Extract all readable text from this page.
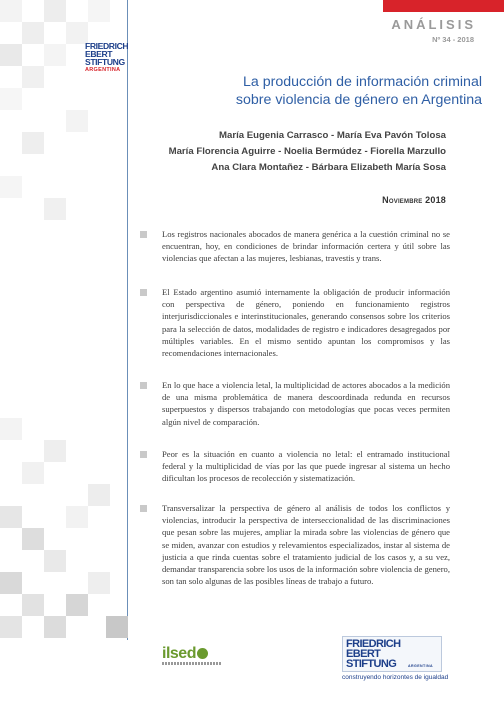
ANÁLISIS
Nº 34 - 2018
FRIEDRICH
EBERT
STIFTUNG
ARGENTINA
La producción de información criminal
sobre violencia de género en Argentina
María Eugenia Carrasco - María Eva Pavón Tolosa
María Florencia Aguirre - Noelia Bermúdez - Fiorella Marzullo
Ana Clara Montañez - Bárbara Elizabeth María Sosa
Noviembre 2018
Los registros nacionales abocados de manera genérica a la cuestión criminal no se encuentran, hoy, en condiciones de brindar información certera y útil sobre las violencias que afectan a las mujeres, lesbianas, travestis y trans.
El Estado argentino asumió internamente la obligación de producir información con perspectiva de género, poniendo en funcionamiento registros interjurisdiccionales e interinstitucionales, generando consensos sobre los criterios para la selección de datos, modalidades de registro e indicadores desagregados por múltiples variables. En el mismo sentido apuntan los compromisos y las recomendaciones internacionales.
En lo que hace a violencia letal, la multiplicidad de actores abocados a la medición de una misma problemática de manera descoordinada redunda en recursos superpuestos y dispersos trabajando con metodologías que pocas veces permiten algún nivel de comparación.
Peor es la situación en cuanto a violencia no letal: el entramado institucional federal y la multiplicidad de vías por las que puede ingresar al sistema un hecho dificultan los procesos de recolección y sistematización.
Transversalizar la perspectiva de género al análisis de todos los conflictos y violencias, introducir la perspectiva de interseccionalidad de las discriminaciones que pesan sobre las mujeres, ampliar la mirada sobre las violencias de género que se miden, avanzar con estudios y relevamientos especializados, instar al sistema de justicia a que rinda cuentas sobre el tratamiento judicial de los casos y, a su vez, demandar transparencia sobre los usos de la información sobre violencia de genero, son tan solo algunas de las posibles líneas de trabajo a futuro.
ilsed
FRIEDRICH
EBERT
STIFTUNG	ARGENTINA
construyendo horizontes de igualdad
